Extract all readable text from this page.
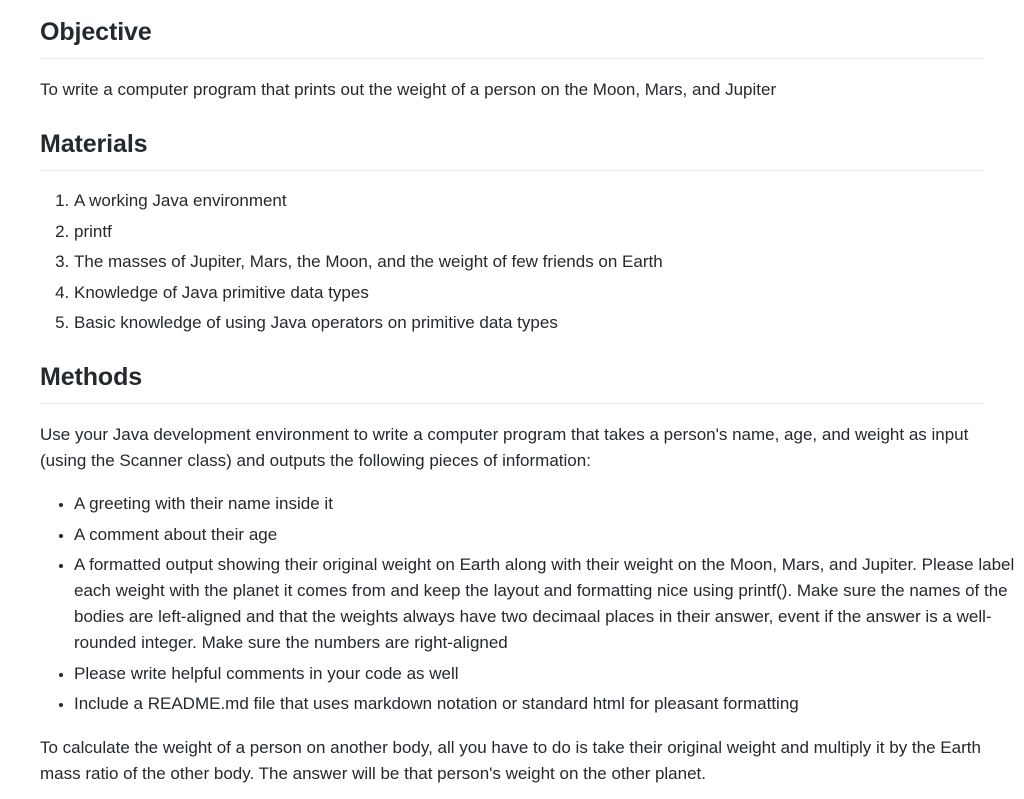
Objective

To write a computer program that prints out the weight of a person on the Moon, Mars, and Jupiter

Materials
1. A working Java environment
2. printf
3. The masses of Jupiter, Mars, the Moon, and the weight of few friends on Earth
4. Knowledge of Java primitive data types
5. Basic knowledge of using Java operators on primitive data types
Methods

Use your Java development environment to write a computer program that takes a person's name, age, and weight as input (using the Scanner class) and outputs the following pieces of information:

• A greeting with their name inside it
• A comment about their age
• A formatted output showing their original weight on Earth along with their weight on the Moon, Mars, and Jupiter. Please label each weight with the planet it comes from and keep the layout and formatting nice using printf(). Make sure the names of the bodies are left-aligned and that the weights always have two decimaal places in their answer, event if the answer is a well-rounded integer. Make sure the numbers are right-aligned
• Please write helpful comments in your code as well
• Include a README.md file that uses markdown notation or standard html for pleasant formatting

To calculate the weight of a person on another body, all you have to do is take their original weight and multiply it by the Earth mass ratio of the other body. The answer will be that person's weight on the other planet.
